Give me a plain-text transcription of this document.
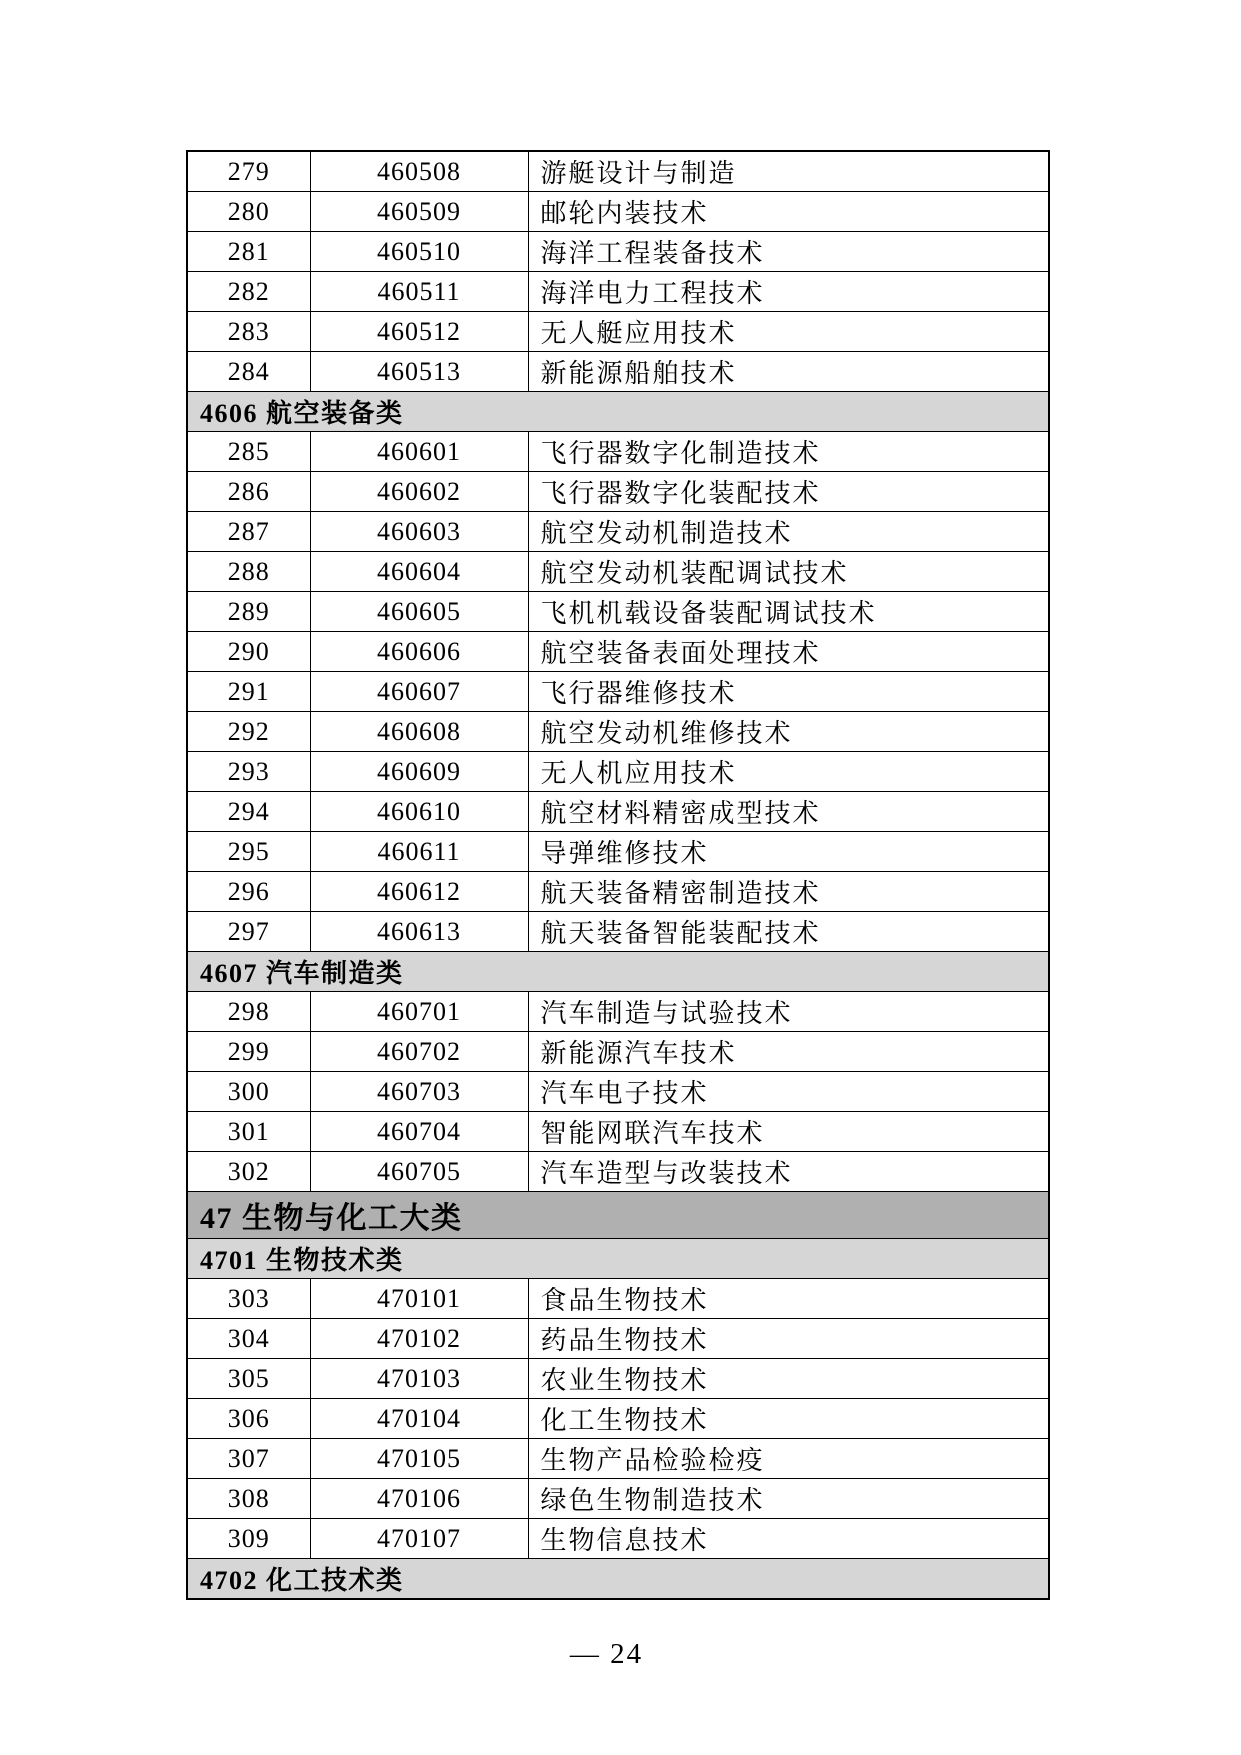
279	460508	游艇设计与制造
280	460509	邮轮内装技术
281	460510	海洋工程装备技术
282	460511	海洋电力工程技术
283	460512	无人艇应用技术
284	460513	新能源船舶技术
4606 航空装备类		
285	460601	飞行器数字化制造技术
286	460602	飞行器数字化装配技术
287	460603	航空发动机制造技术
288	460604	航空发动机装配调试技术
289	460605	飞机机载设备装配调试技术
290	460606	航空装备表面处理技术
291	460607	飞行器维修技术
292	460608	航空发动机维修技术
293	460609	无人机应用技术
294	460610	航空材料精密成型技术
295	460611	导弹维修技术
296	460612	航天装备精密制造技术
297	460613	航天装备智能装配技术
4607 汽车制造类		
298	460701	汽车制造与试验技术
299	460702	新能源汽车技术
300	460703	汽车电子技术
301	460704	智能网联汽车技术
302	460705	汽车造型与改装技术
47 生物与化工大类		
4701 生物技术类		
303	470101	食品生物技术
304	470102	药品生物技术
305	470103	农业生物技术
306	470104	化工生物技术
307	470105	生物产品检验检疫
308	470106	绿色生物制造技术
309	470107	生物信息技术
4702 化工技术类		
— 24
